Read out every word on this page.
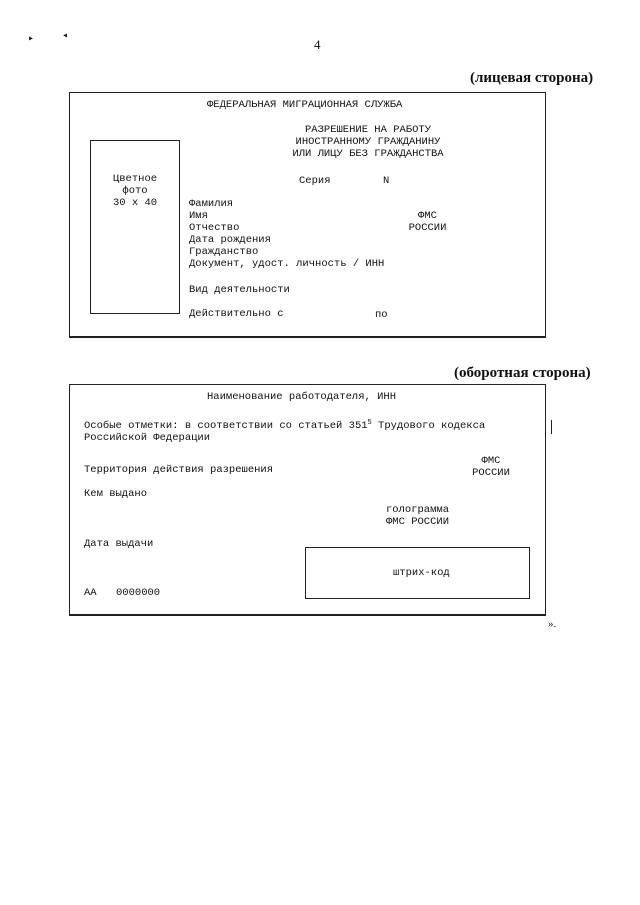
▸	◂
4
(лицевая сторона)
ФЕДЕРАЛЬНАЯ МИГРАЦИОННАЯ СЛУЖБА
РАЗРЕШЕНИЕ НА РАБОТУ
ИНОСТРАННОМУ ГРАЖДАНИНУ
ИЛИ ЛИЦУ БЕЗ ГРАЖДАНСТВА
Цветное
фото
30 х 40
Серия	N
Фамилия
Имя
Отчество
Дата рождения
Гражданство
Документ, удост. личность / ИНН
ФМС
РОССИИ
Вид деятельности
Действительно с	по
(оборотная сторона)
Наименование работодателя, ИНН
Особые отметки: в соответствии со статьей $351^5$ Трудового кодекса
Российской Федерации
Территория действия разрешения
ФМС
РОССИИ
Кем выдано
голограмма
ФМС РОССИИ
Дата выдачи
штрих-код
АА 0000000
».
